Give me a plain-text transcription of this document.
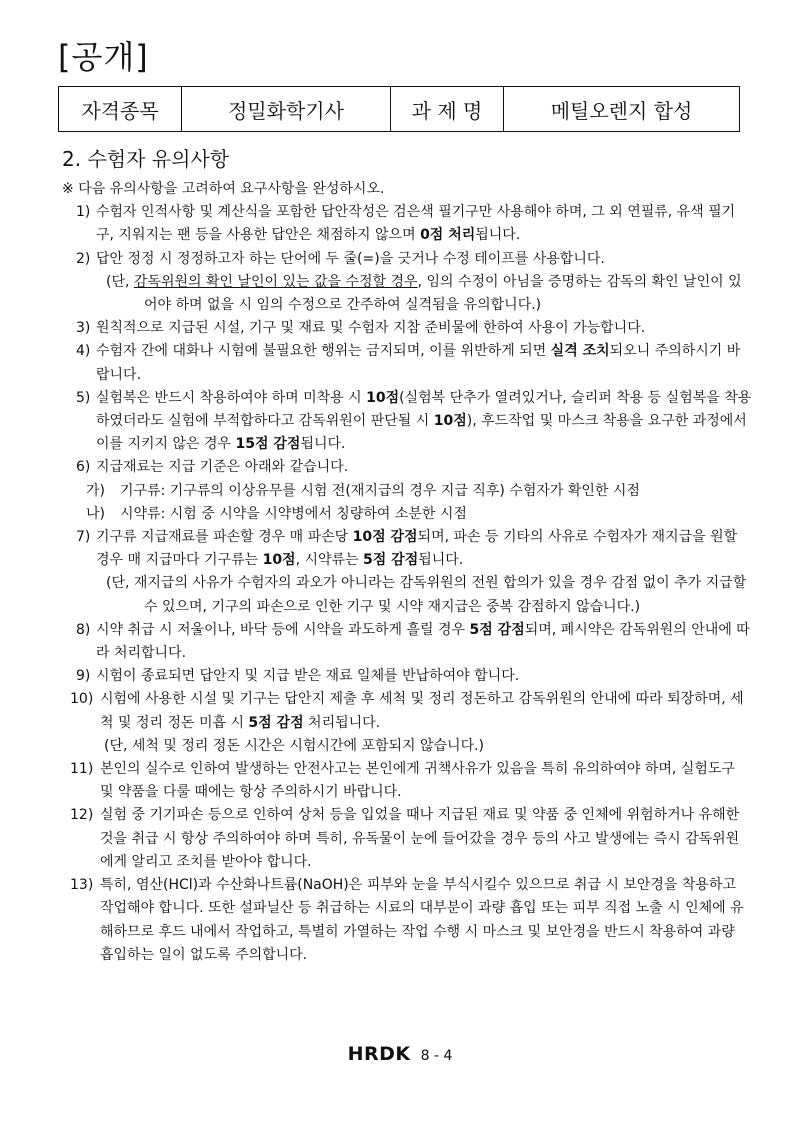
[공개]
자격종목	정밀화학기사	과 제 명	메틸오렌지 합성
2. 수험자 유의사항

※ 다음 유의사항을 고려하여 요구사항을 완성하시오.

1) 수험자 인적사항 및 계산식을 포함한 답안작성은 검은색 필기구만 사용해야 하며, 그 외 연필류, 유색 필기구, 지워지는 팬 등을 사용한 답안은 채점하지 않으며 0점 처리됩니다.

2) 답안 정정 시 정정하고자 하는 단어에 두 줄(=)을 긋거나 수정 테이프를 사용합니다.

(단, 감독위원의 확인 날인이 있는 값을 수정할 경우, 임의 수정이 아님을 증명하는 감독의 확인 날인이 있어야 하며 없을 시 임의 수정으로 간주하여 실격됨을 유의합니다.)

3) 원칙적으로 지급된 시설, 기구 및 재료 및 수험자 지참 준비물에 한하여 사용이 가능합니다.

4) 수험자 간에 대화나 시험에 불필요한 행위는 금지되며, 이를 위반하게 되면 실격 조치되오니 주의하시기 바랍니다.

5) 실험복은 반드시 착용하여야 하며 미착용 시 10점(실험복 단추가 열려있거나, 슬리퍼 착용 등 실험복을 착용하였더라도 실험에 부적합하다고 감독위원이 판단될 시 10점), 후드작업 및 마스크 착용을 요구한 과정에서 이를 지키지 않은 경우 15점 감점됩니다.

6) 지급재료는 지급 기준은 아래와 같습니다.

가) 기구류: 기구류의 이상유무를 시험 전(재지급의 경우 지급 직후) 수험자가 확인한 시점

나) 시약류: 시험 중 시약을 시약병에서 칭량하여 소분한 시점

7) 기구류 지급재료를 파손할 경우 매 파손당 10점 감점되며, 파손 등 기타의 사유로 수험자가 재지급을 원할 경우 매 지급마다 기구류는 10점, 시약류는 5점 감점됩니다.

(단, 재지급의 사유가 수험자의 과오가 아니라는 감독위원의 전원 합의가 있을 경우 감점 없이 추가 지급할 수 있으며, 기구의 파손으로 인한 기구 및 시약 재지급은 중복 감점하지 않습니다.)

8) 시약 취급 시 저울이나, 바닥 등에 시약을 과도하게 흘릴 경우 5점 감점되며, 폐시약은 감독위원의 안내에 따라 처리합니다.

9) 시험이 종료되면 답안지 및 지급 받은 재료 일체를 반납하여야 합니다.

10) 시험에 사용한 시설 및 기구는 답안지 제출 후 세척 및 정리 정돈하고 감독위원의 안내에 따라 퇴장하며, 세척 및 정리 정돈 미흡 시 5점 감점 처리됩니다.

(단, 세척 및 정리 정돈 시간은 시험시간에 포함되지 않습니다.)

11) 본인의 실수로 인하여 발생하는 안전사고는 본인에게 귀책사유가 있음을 특히 유의하여야 하며, 실험도구 및 약품을 다룰 때에는 항상 주의하시기 바랍니다.

12) 실험 중 기기파손 등으로 인하여 상처 등을 입었을 때나 지급된 재료 및 약품 중 인체에 위험하거나 유해한 것을 취급 시 항상 주의하여야 하며 특히, 유독물이 눈에 들어갔을 경우 등의 사고 발생에는 즉시 감독위원에게 알리고 조치를 받아야 합니다.

13) 특히, 염산(HCl)과 수산화나트륨(NaOH)은 피부와 눈을 부식시킬수 있으므로 취급 시 보안경을 착용하고 작업해야 합니다. 또한 설파닐산 등 취급하는 시료의 대부분이 과량 흡입 또는 피부 직접 노출 시 인체에 유해하므로 후드 내에서 작업하고, 특별히 가열하는 작업 수행 시 마스크 및 보안경을 반드시 착용하여 과량 흡입하는 일이 없도록 주의합니다.

HRDK 8 - 4
